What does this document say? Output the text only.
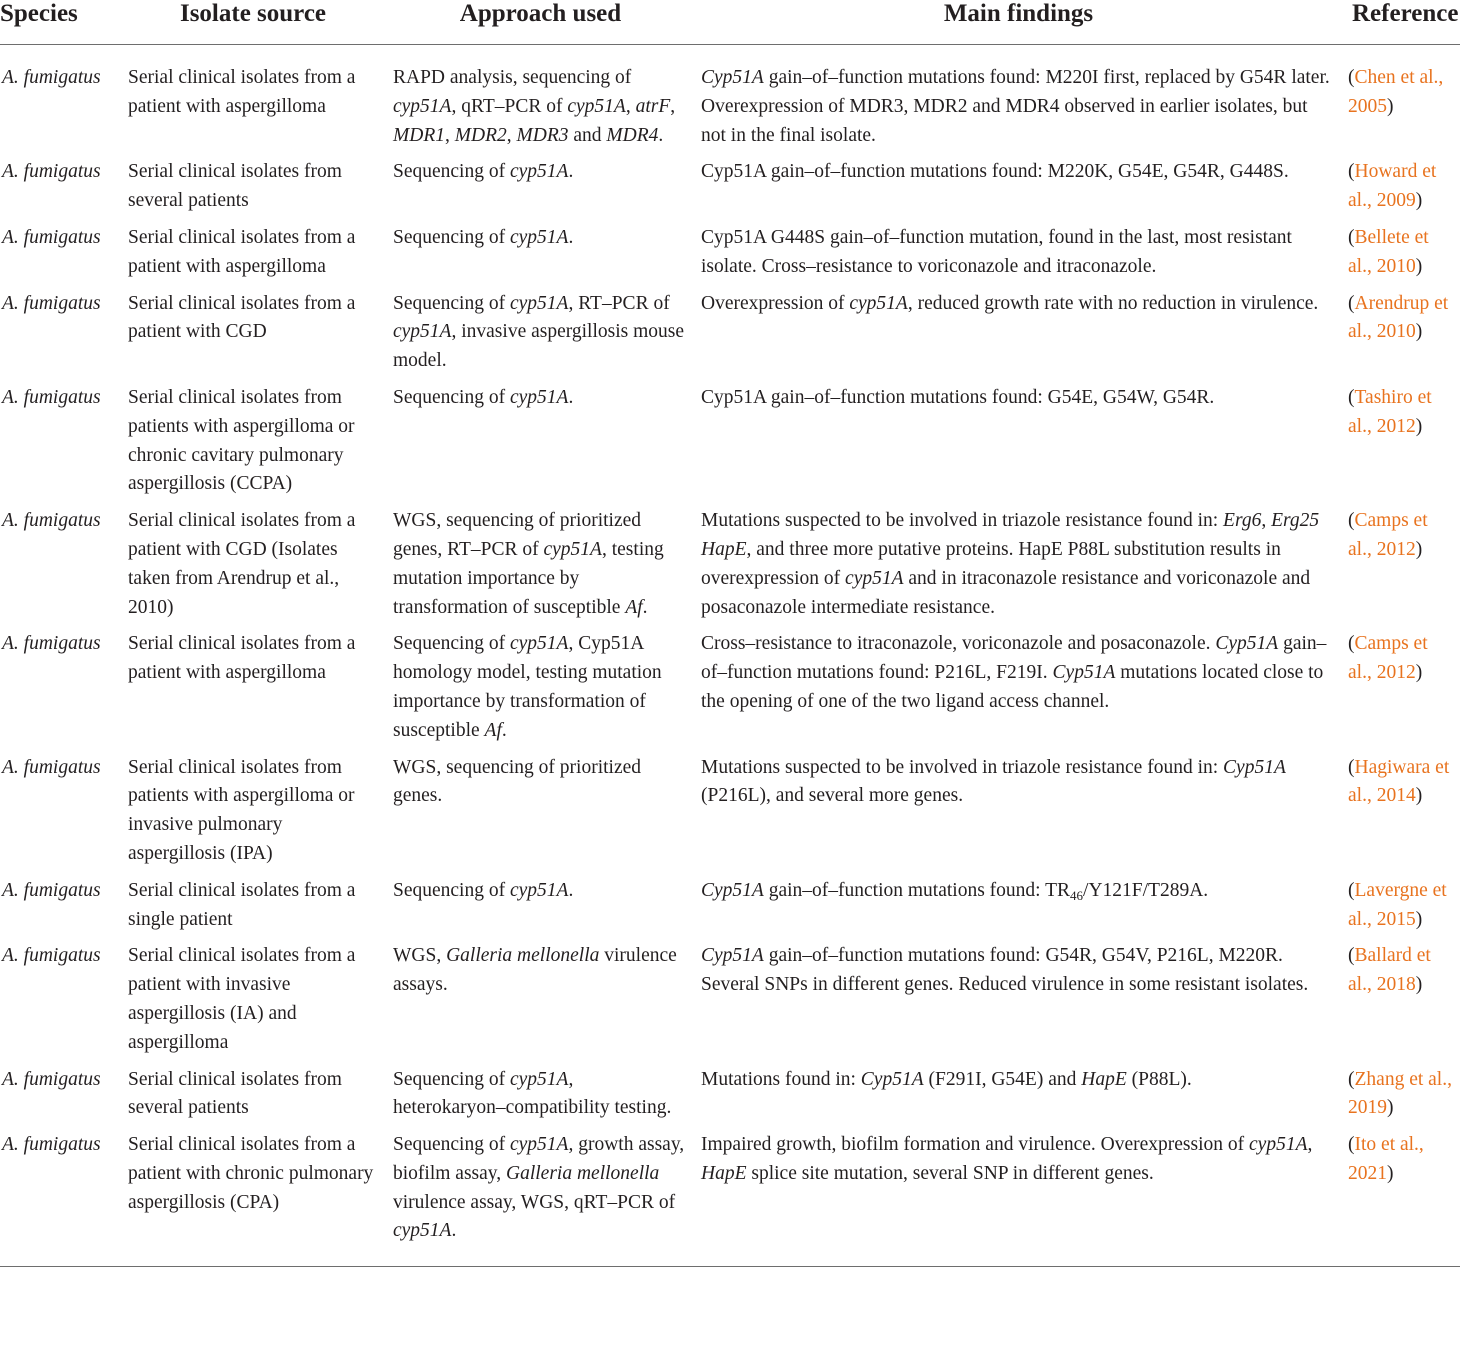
Species	Isolate source	Approach used	Main findings	Reference
A. fumigatus	Serial clinical isolates from a patient with aspergilloma	RAPD analysis, sequencing of cyp51A, qRT–PCR of cyp51A, atrF, MDR1, MDR2, MDR3 and MDR4.	Cyp51A gain–of–function mutations found: M220I first, replaced by G54R later. Overexpression of MDR3, MDR2 and MDR4 observed in earlier isolates, but not in the final isolate.	(Chen et al., 2005)
A. fumigatus	Serial clinical isolates from several patients	Sequencing of cyp51A.	Cyp51A gain–of–function mutations found: M220K, G54E, G54R, G448S.	(Howard et al., 2009)
A. fumigatus	Serial clinical isolates from a patient with aspergilloma	Sequencing of cyp51A.	Cyp51A G448S gain–of–function mutation, found in the last, most resistant isolate. Cross–resistance to voriconazole and itraconazole.	(Bellete et al., 2010)
A. fumigatus	Serial clinical isolates from a patient with CGD	Sequencing of cyp51A, RT–PCR of cyp51A, invasive aspergillosis mouse model.	Overexpression of cyp51A, reduced growth rate with no reduction in virulence.	(Arendrup et al., 2010)
A. fumigatus	Serial clinical isolates from patients with aspergilloma or chronic cavitary pulmonary aspergillosis (CCPA)	Sequencing of cyp51A.	Cyp51A gain–of–function mutations found: G54E, G54W, G54R.	(Tashiro et al., 2012)
A. fumigatus	Serial clinical isolates from a patient with CGD (Isolates taken from Arendrup et al., 2010)	WGS, sequencing of prioritized genes, RT–PCR of cyp51A, testing mutation importance by transformation of susceptible Af.	Mutations suspected to be involved in triazole resistance found in: Erg6, Erg25 HapE, and three more putative proteins. HapE P88L substitution results in overexpression of cyp51A and in itraconazole resistance and voriconazole and posaconazole intermediate resistance.	(Camps et al., 2012)
A. fumigatus	Serial clinical isolates from a patient with aspergilloma	Sequencing of cyp51A, Cyp51A homology model, testing mutation importance by transformation of susceptible Af.	Cross–resistance to itraconazole, voriconazole and posaconazole. Cyp51A gain–of–function mutations found: P216L, F219I. Cyp51A mutations located close to the opening of one of the two ligand access channel.	(Camps et al., 2012)
A. fumigatus	Serial clinical isolates from patients with aspergilloma or invasive pulmonary aspergillosis (IPA)	WGS, sequencing of prioritized genes.	Mutations suspected to be involved in triazole resistance found in: Cyp51A (P216L), and several more genes.	(Hagiwara et al., 2014)
A. fumigatus	Serial clinical isolates from a single patient	Sequencing of cyp51A.	Cyp51A gain–of–function mutations found: $TR_{46}/Y121F/T289A$.	(Lavergne et al., 2015)
A. fumigatus	Serial clinical isolates from a patient with invasive aspergillosis (IA) and aspergilloma	WGS, Galleria mellonella virulence assays.	Cyp51A gain–of–function mutations found: G54R, G54V, P216L, M220R. Several SNPs in different genes. Reduced virulence in some resistant isolates.	(Ballard et al., 2018)
A. fumigatus	Serial clinical isolates from several patients	Sequencing of cyp51A, heterokaryon–compatibility testing.	Mutations found in: Cyp51A (F291I, G54E) and HapE (P88L).	(Zhang et al., 2019)
A. fumigatus	Serial clinical isolates from a patient with chronic pulmonary aspergillosis (CPA)	Sequencing of cyp51A, growth assay, biofilm assay, Galleria mellonella virulence assay, WGS, qRT–PCR of cyp51A.	Impaired growth, biofilm formation and virulence. Overexpression of cyp51A, HapE splice site mutation, several SNP in different genes.	(Ito et al., 2021)
